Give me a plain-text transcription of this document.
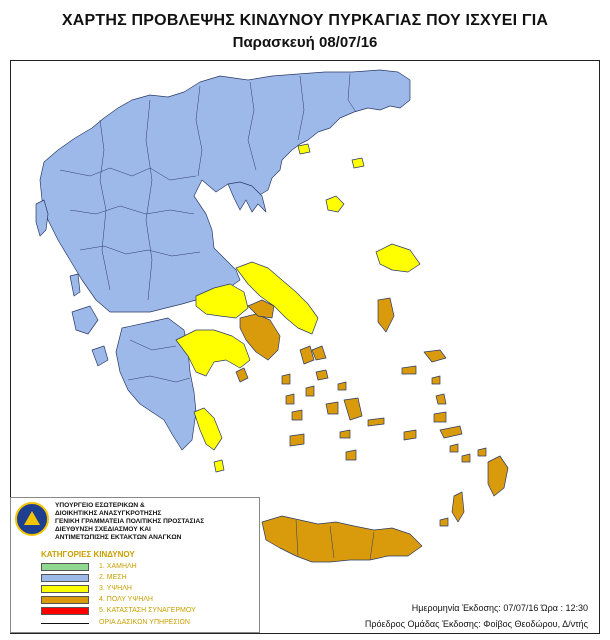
ΧΑΡΤΗΣ ΠΡΟΒΛΕΨΗΣ ΚΙΝΔΥΝΟΥ ΠΥΡΚΑΓΙΑΣ ΠΟΥ ΙΣΧΥΕΙ ΓΙΑ
Παρασκευή 08/07/16
ΥΠΟΥΡΓΕΙΟ ΕΣΩΤΕΡΙΚΩΝ &
ΔΙΟΙΚΗΤΙΚΗΣ ΑΝΑΣΥΓΚΡΟΤΗΣΗΣ
ΓΕΝΙΚΗ ΓΡΑΜΜΑΤΕΙΑ ΠΟΛΙΤΙΚΗΣ ΠΡΟΣΤΑΣΙΑΣ
ΔΙΕΥΘΥΝΣΗ ΣΧΕΔΙΑΣΜΟΥ ΚΑΙ
ΑΝΤΙΜΕΤΩΠΙΣΗΣ ΕΚΤΑΚΤΩΝ ΑΝΑΓΚΩΝ
ΚΑΤΗΓΟΡΙΕΣ ΚΙΝΔΥΝΟΥ
1. ΧΑΜΗΛΗ
2. ΜΕΣΗ
3. ΥΨΗΛΗ
4. ΠΟΛΥ ΥΨΗΛΗ
5. ΚΑΤΑΣΤΑΣΗ ΣΥΝΑΓΕΡΜΟΥ
ΟΡΙΑ ΔΑΣΙΚΩΝ ΥΠΗΡΕΣΙΩΝ
Ημερομηνία Έκδοσης: 07/07/16 Ώρα : 12:30
Πρόεδρος Ομάδας Έκδοσης: Φοίβος Θεοδώρου, Δ/ντής
